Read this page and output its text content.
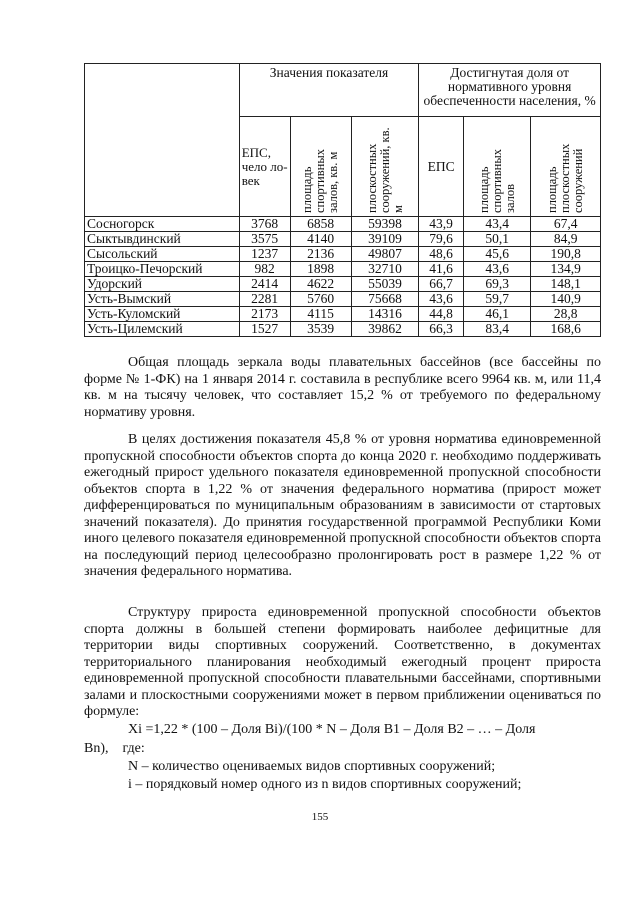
	Значения показателя			Достигнутая доля от нормативного уровня обеспеченности населения, %		

	ЕПС, чело ло- век	площадь спортивных залов, кв. м	плоскостных сооружений, кв. м	ЕПС	площадь спортивных залов	площадь плоскостных сооружений
Сосногорск	3768	6858	59398	43,9	43,4	67,4
Сыктывдинский	3575	4140	39109	79,6	50,1	84,9
Сысольский	1237	2136	49807	48,6	45,6	190,8
Троицко-Печорский	982	1898	32710	41,6	43,6	134,9
Удорский	2414	4622	55039	66,7	69,3	148,1
Усть-Вымский	2281	5760	75668	43,6	59,7	140,9
Усть-Куломский	2173	4115	14316	44,8	46,1	28,8
Усть-Цилемский	1527	3539	39862	66,3	83,4	168,6

Общая площадь зеркала воды плавательных бассейнов (все бассейны по форме № 1-ФК) на 1 января 2014 г. составила в республике всего 9964 кв. м, или 11,4 кв. м на тысячу человек, что составляет 15,2 % от требуемого по федеральному нормативу уровня.

В целях достижения показателя 45,8 % от уровня норматива единовременной пропускной способности объектов спорта до конца 2020 г. необходимо поддерживать ежегодный прирост удельного показателя единовременной пропускной способности объектов спорта в 1,22 % от значения федерального норматива (прирост может дифференцироваться по муниципальным образованиям в зависимости от стартовых значений показателя). До принятия государственной программой Республики Коми иного целевого показателя единовременной пропускной способности объектов спорта на последующий период целесообразно пролонгировать рост в размере 1,22 % от значения федерального норматива.

Структуру прироста единовременной пропускной способности объектов спорта должны в большей степени формировать наиболее дефицитные для территории виды спортивных сооружений. Соответственно, в документах территориального планирования необходимый ежегодный процент прироста единовременной пропускной способности плавательными бассейнами, спортивными залами и плоскостными сооружениями может в первом приближении оцениваться по формуле:

Xi =1,22 * (100 – Доля Bi)/(100 * N – Доля B1 – Доля B2 – … – Доля

Bn), где:

N – количество оцениваемых видов спортивных сооружений;

i – порядковый номер одного из n видов спортивных сооружений;

155
